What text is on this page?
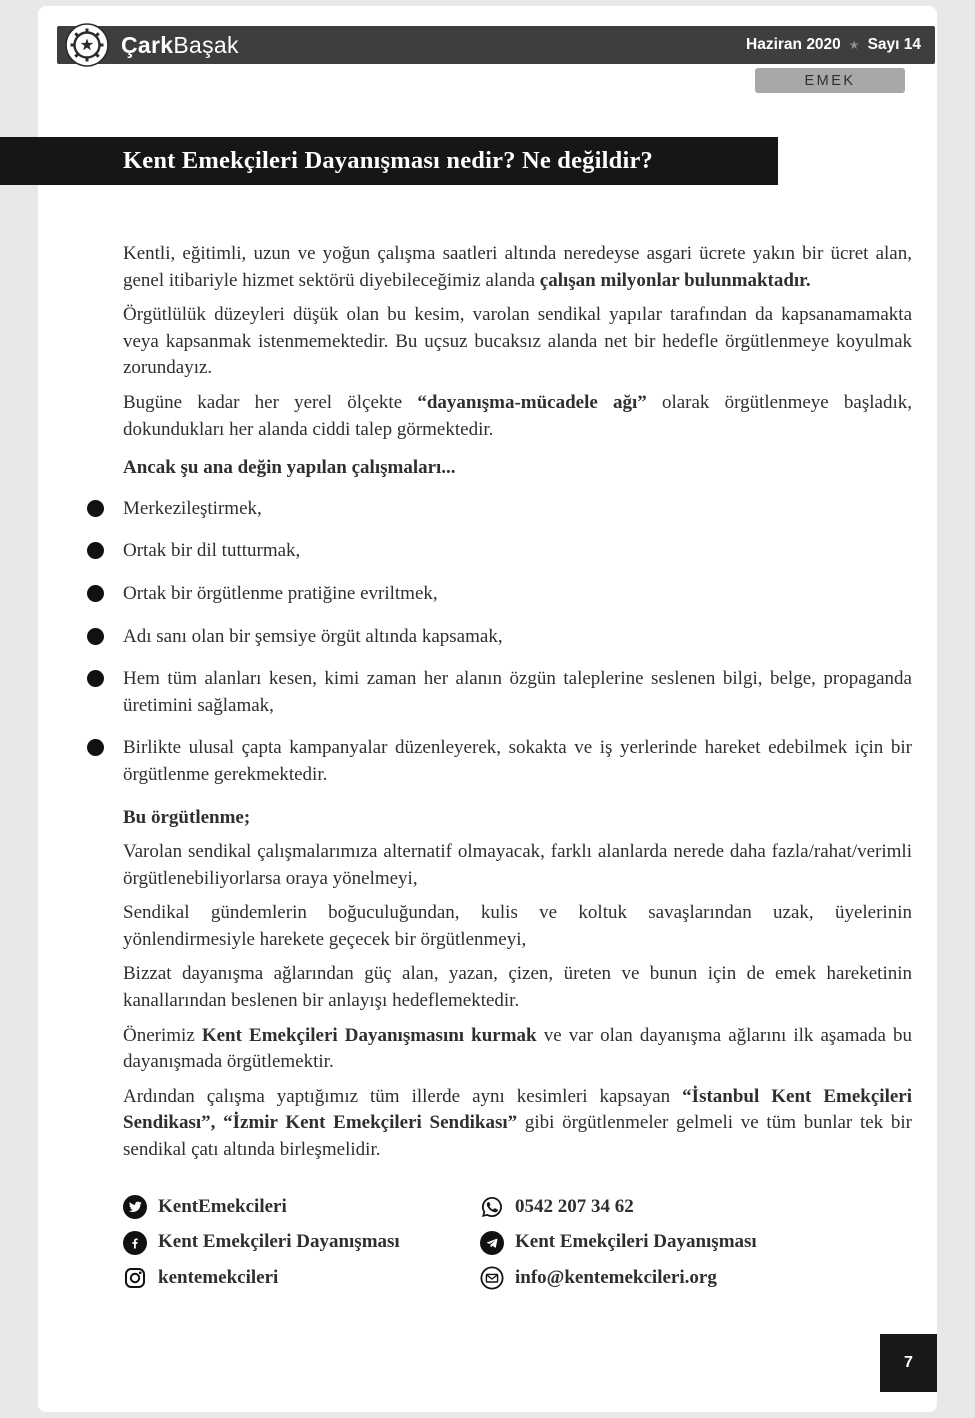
ÇarkBaşak	Haziran 2020 ★ Sayı 14
EMEK
Kent Emekçileri Dayanışması nedir? Ne değildir?

Kentli, eğitimli, uzun ve yoğun çalışma saatleri altında neredeyse asgari ücrete yakın bir ücret alan, genel itibariyle hizmet sektörü diyebileceğimiz alanda çalışan milyonlar bulunmaktadır.

Örgütlülük düzeyleri düşük olan bu kesim, varolan sendikal yapılar tarafından da kapsanamamakta veya kapsanmak istenmemektedir. Bu uçsuz bucaksız alanda net bir hedefle örgütlenmeye koyulmak zorundayız.

Bugüne kadar her yerel ölçekte “dayanışma-mücadele ağı” olarak örgütlenmeye başladık, dokundukları her alanda ciddi talep görmektedir.

Ancak şu ana değin yapılan çalışmaları...

Merkezileştirmek,
Ortak bir dil tutturmak,
Ortak bir örgütlenme pratiğine evriltmek,
Adı sanı olan bir şemsiye örgüt altında kapsamak,
Hem tüm alanları kesen, kimi zaman her alanın özgün taleplerine seslenen bilgi, belge, propaganda üretimini sağlamak,
Birlikte ulusal çapta kampanyalar düzenleyerek, sokakta ve iş yerlerinde hareket edebilmek için bir örgütlenme gerekmektedir.

Bu örgütlenme;

Varolan sendikal çalışmalarımıza alternatif olmayacak, farklı alanlarda nerede daha fazla/rahat/verimli örgütlenebiliyorlarsa oraya yönelmeyi,

Sendikal gündemlerin boğuculuğundan, kulis ve koltuk savaşlarından uzak, üyelerinin yönlendirmesiyle harekete geçecek bir örgütlenmeyi,

Bizzat dayanışma ağlarından güç alan, yazan, çizen, üreten ve bunun için de emek hareketinin kanallarından beslenen bir anlayışı hedeflemektedir.

Önerimiz Kent Emekçileri Dayanışmasını kurmak ve var olan dayanışma ağlarını ilk aşamada bu dayanışmada örgütlemektir.

Ardından çalışma yaptığımız tüm illerde aynı kesimleri kapsayan “İstanbul Kent Emekçileri Sendikası”, “İzmir Kent Emekçileri Sendikası” gibi örgütlenmeler gelmeli ve tüm bunlar tek bir sendikal çatı altında birleşmelidir.

KentEmekcileri
Kent Emekçileri Dayanışması
kentemekcileri
0542 207 34 62
Kent Emekçileri Dayanışması
info@kentemekcileri.org
7
